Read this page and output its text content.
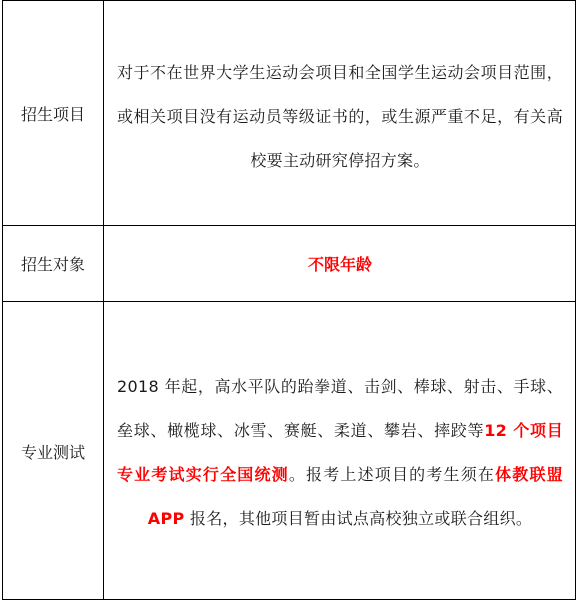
招生项目
对于不在世界大学生运动会项目和全国学生运动会项目范围，或相关项目没有运动员等级证书的，或生源严重不足，有关高校要主动研究停招方案。
招生对象	不限年龄
专业测试
2018 年起，高水平队的跆拳道、击剑、棒球、射击、手球、垒球、橄榄球、冰雪、赛艇、柔道、攀岩、摔跤等12 个项目专业考试实行全国统测。报考上述项目的考生须在体教联盟 APP 报名，其他项目暂由试点高校独立或联合组织。
